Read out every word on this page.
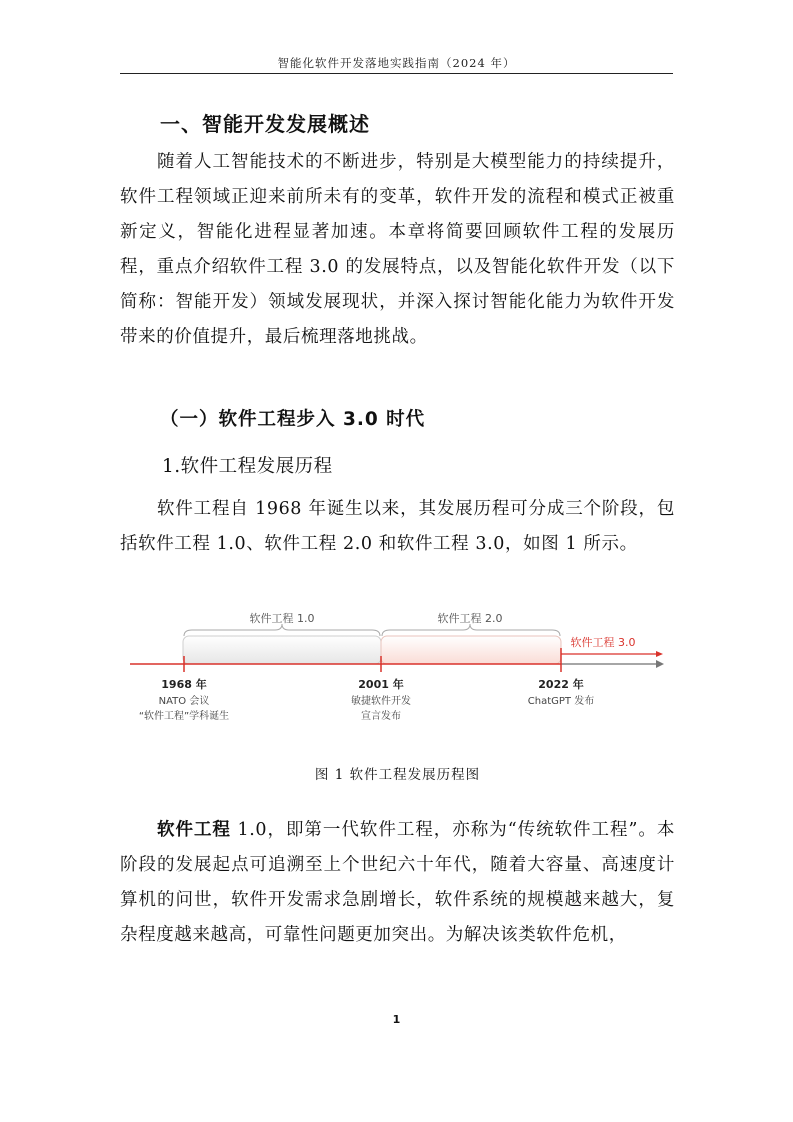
智能化软件开发落地实践指南（2024 年）
一、智能开发发展概述
随着人工智能技术的不断进步，特别是大模型能力的持续提升，软件工程领域正迎来前所未有的变革，软件开发的流程和模式正被重新定义，智能化进程显著加速。本章将简要回顾软件工程的发展历程，重点介绍软件工程 3.0 的发展特点，以及智能化软件开发（以下简称：智能开发）领域发展现状，并深入探讨智能化能力为软件开发带来的价值提升，最后梳理落地挑战。
（一）软件工程步入 3.0 时代
1.软件工程发展历程
软件工程自 1968 年诞生以来，其发展历程可分成三个阶段，包括软件工程 1.0、软件工程 2.0 和软件工程 3.0，如图 1 所示。
软件工程 1.0	软件工程 2.0
软件工程 3.0
1968 年
NATO 会议
“软件工程”学科诞生
2001 年
敏捷软件开发
宣言发布
2022 年
ChatGPT 发布
图 1 软件工程发展历程图
软件工程 1.0，即第一代软件工程，亦称为“传统软件工程”。本阶段的发展起点可追溯至上个世纪六十年代，随着大容量、高速度计算机的问世，软件开发需求急剧增长，软件系统的规模越来越大，复杂程度越来越高，可靠性问题更加突出。为解决该类软件危机，
1
